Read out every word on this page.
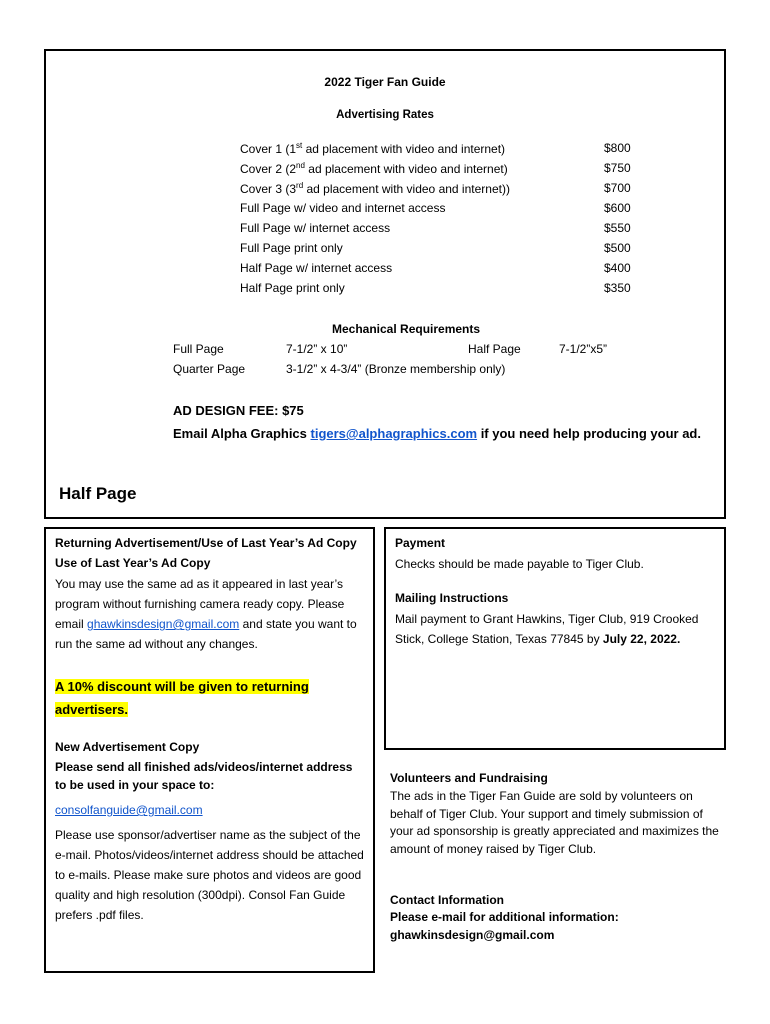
2022 Tiger Fan Guide
Advertising Rates
Cover 1 (1st ad placement with video and internet)	$800
Cover 2 (2nd ad placement with video and internet)	$750
Cover 3 (3rd ad placement with video and internet))	$700
Full Page w/ video and internet access	$600
Full Page w/ internet access	$550
Full Page print only	$500
Half Page w/ internet access	$400
Half Page print only	$350
Mechanical Requirements
Full Page	7-1/2” x 10”	Half Page	7-1/2”x5”
Quarter Page	3-1/2” x 4-3/4” (Bronze membership only)
AD DESIGN FEE: $75
Email Alpha Graphics tigers@alphagraphics.com if you need help producing your ad.
Half Page
Returning Advertisement/Use of Last Year’s Ad Copy
Use of Last Year’s Ad Copy
You may use the same ad as it appeared in last year’s program without furnishing camera ready copy. Please email ghawkinsdesign@gmail.com and state you want to run the same ad without any changes.
A 10% discount will be given to returning
advertisers.
New Advertisement Copy
Please send all finished ads/videos/internet address to be used in your space to:
consolfanguide@gmail.com
Please use sponsor/advertiser name as the subject of the e-mail. Photos/videos/internet address should be attached to e-mails. Please make sure photos and videos are good quality and high resolution (300dpi). Consol Fan Guide prefers .pdf files.
Payment
Checks should be made payable to Tiger Club.
Mailing Instructions
Mail payment to Grant Hawkins, Tiger Club, 919 Crooked Stick, College Station, Texas 77845 by July 22, 2022.
Volunteers and Fundraising
The ads in the Tiger Fan Guide are sold by volunteers on behalf of Tiger Club. Your support and timely submission of your ad sponsorship is greatly appreciated and maximizes the amount of money raised by Tiger Club.
Contact Information
Please e-mail for additional information:
ghawkinsdesign@gmail.com
